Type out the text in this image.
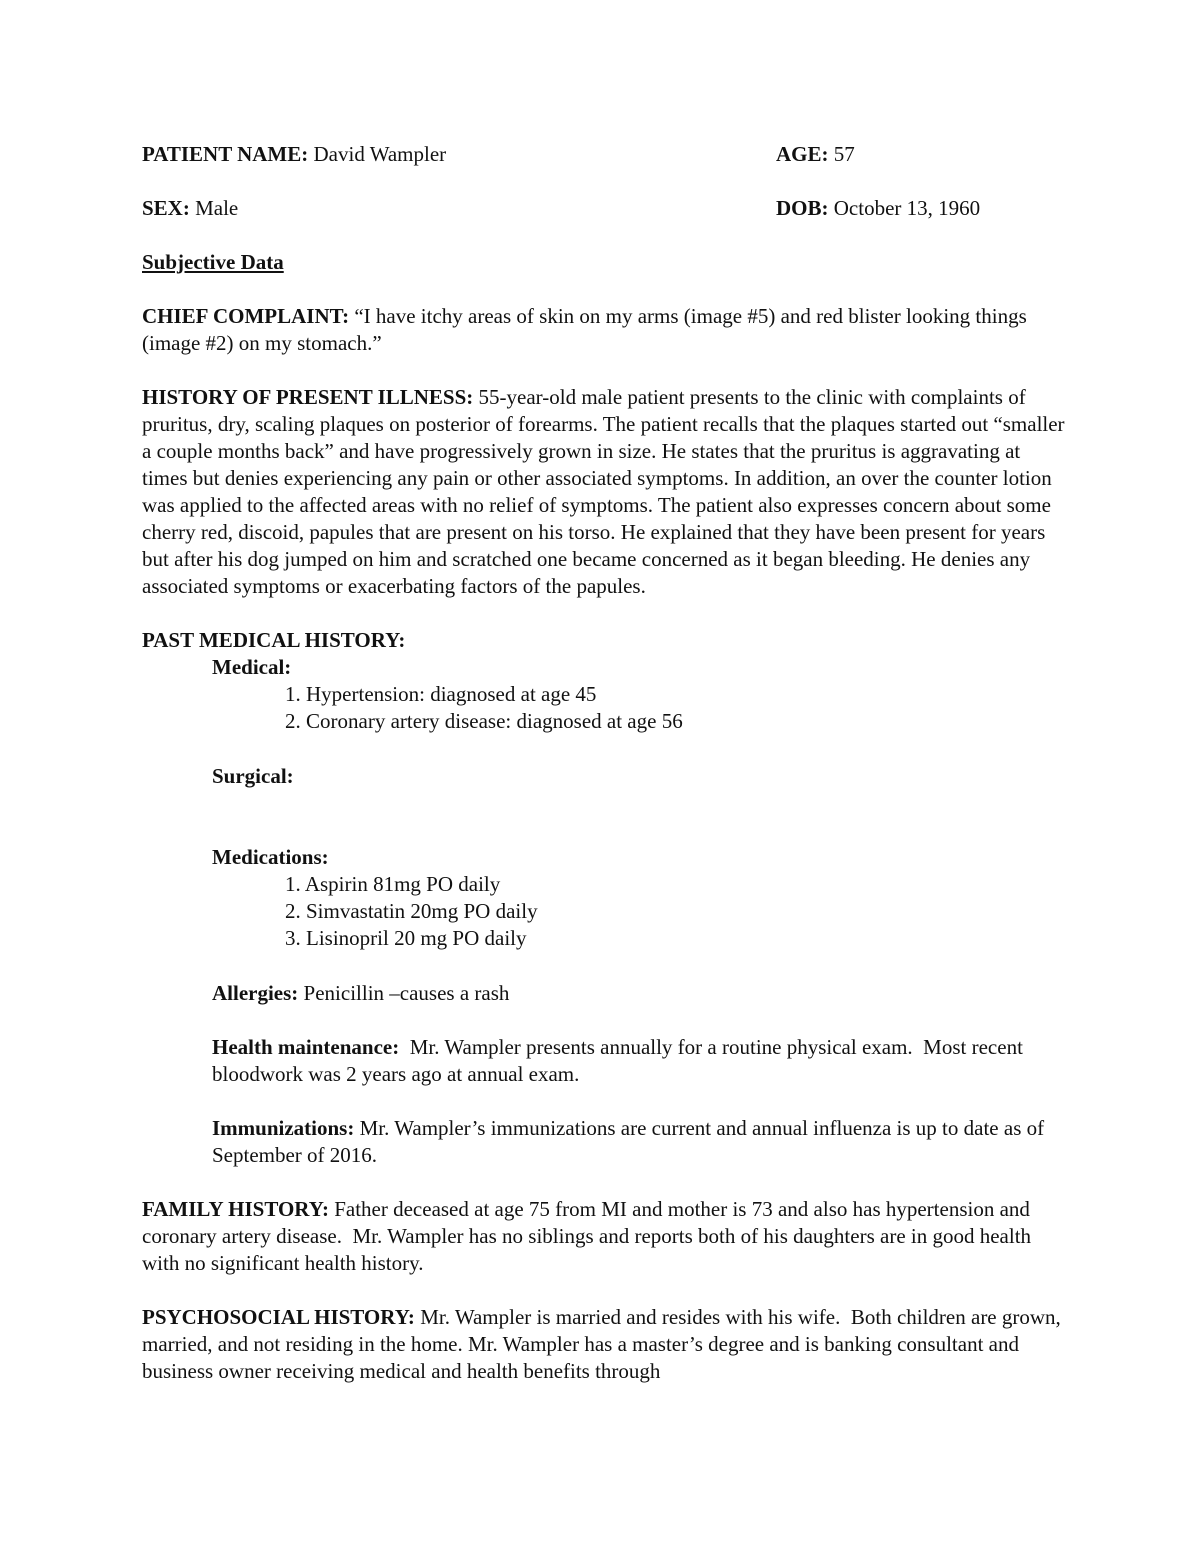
PATIENT NAME: David Wampler	AGE: 57
SEX: Male	DOB: October 13, 1960

Subjective Data

CHIEF COMPLAINT: “I have itchy areas of skin on my arms (image #5) and red blister looking things (image #2) on my stomach.”

HISTORY OF PRESENT ILLNESS: 55-year-old male patient presents to the clinic with complaints of pruritus, dry, scaling plaques on posterior of forearms. The patient recalls that the plaques started out “smaller a couple months back” and have progressively grown in size. He states that the pruritus is aggravating at times but denies experiencing any pain or other associated symptoms. In addition, an over the counter lotion was applied to the affected areas with no relief of symptoms. The patient also expresses concern about some cherry red, discoid, papules that are present on his torso. He explained that they have been present for years but after his dog jumped on him and scratched one became concerned as it began bleeding. He denies any associated symptoms or exacerbating factors of the papules.

PAST MEDICAL HISTORY:

Medical:

1. Hypertension: diagnosed at age 45
2. Coronary artery disease: diagnosed at age 56

Surgical:

Medications:

1. Aspirin 81mg PO daily
2. Simvastatin 20mg PO daily
3. Lisinopril 20 mg PO daily

Allergies: Penicillin –causes a rash

Health maintenance:  Mr. Wampler presents annually for a routine physical exam.  Most recent bloodwork was 2 years ago at annual exam.

Immunizations: Mr. Wampler’s immunizations are current and annual influenza is up to date as of September of 2016.

FAMILY HISTORY: Father deceased at age 75 from MI and mother is 73 and also has hypertension and coronary artery disease.  Mr. Wampler has no siblings and reports both of his daughters are in good health with no significant health history.

PSYCHOSOCIAL HISTORY: Mr. Wampler is married and resides with his wife.  Both children are grown, married, and not residing in the home. Mr. Wampler has a master’s degree and is banking consultant and business owner receiving medical and health benefits through
